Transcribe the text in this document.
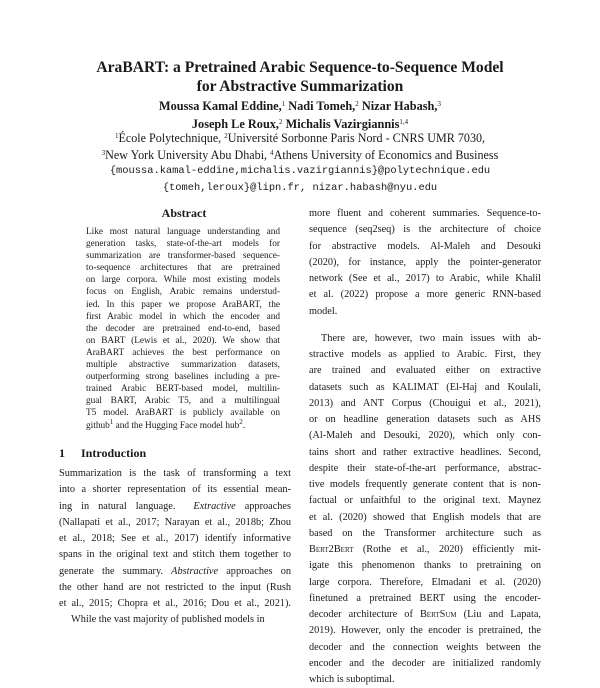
AraBART: a Pretrained Arabic Sequence-to-Sequence Model
for Abstractive Summarization
Moussa Kamal Eddine,$^1$ Nadi Tomeh,$^2$ Nizar Habash,$^3$
Joseph Le Roux,$^2$ Michalis Vazirgiannis$^{1,4}$
$^1$École Polytechnique, $^2$Université Sorbonne Paris Nord - CNRS UMR 7030,
$^3$New York University Abu Dhabi, $^4$Athens University of Economics and Business
{moussa.kamal-eddine,michalis.vazirgiannis}@polytechnique.edu
{tomeh,leroux}@lipn.fr, nizar.habash@nyu.edu
Abstract
Like most natural language understanding and
generation tasks, state-of-the-art models for
summarization are transformer-based sequence-
to-sequence architectures that are pretrained
on large corpora. While most existing models
focus on English, Arabic remains understud-
ied. In this paper we propose AraBART, the
first Arabic model in which the encoder and
the decoder are pretrained end-to-end, based
on BART (Lewis et al., 2020). We show that
AraBART achieves the best performance on
multiple abstractive summarization datasets,
outperforming strong baselines including a pre-
trained Arabic BERT-based model, multilin-
gual BART, Arabic T5, and a multilingual
T5 model. AraBART is publicly available on
github$^1$ and the Hugging Face model hub$^2$.
1 Introduction
Summarization is the task of transforming a text
into a shorter representation of its essential mean-
ing in natural language. Extractive approaches
(Nallapati et al., 2017; Narayan et al., 2018b; Zhou
et al., 2018; See et al., 2017) identify informative
spans in the original text and stitch them together to
generate the summary. Abstractive approaches on
the other hand are not restricted to the input (Rush
et al., 2015; Chopra et al., 2016; Dou et al., 2021).
While the vast majority of published models in
more fluent and coherent summaries. Sequence-to-
sequence (seq2seq) is the architecture of choice
for abstractive models. Al-Maleh and Desouki
(2020), for instance, apply the pointer-generator
network (See et al., 2017) to Arabic, while Khalil
et al. (2022) propose a more generic RNN-based
model.
There are, however, two main issues with ab-
stractive models as applied to Arabic. First, they
are trained and evaluated either on extractive
datasets such as KALIMAT (El-Haj and Koulali,
2013) and ANT Corpus (Chouigui et al., 2021),
or on headline generation datasets such as AHS
(Al-Maleh and Desouki, 2020), which only con-
tains short and rather extractive headlines. Second,
despite their state-of-the-art performance, abstrac-
tive models frequently generate content that is non-
factual or unfaithful to the original text. Maynez
et al. (2020) showed that English models that are
based on the Transformer architecture such as
Bert2Bert (Rothe et al., 2020) efficiently mit-
igate this phenomenon thanks to pretraining on
large corpora. Therefore, Elmadani et al. (2020)
finetuned a pretrained BERT using the encoder-
decoder architecture of BertSum (Liu and Lapata,
2019). However, only the encoder is pretrained, the
decoder and the connection weights between the
encoder and the decoder are initialized randomly
which is suboptimal.
